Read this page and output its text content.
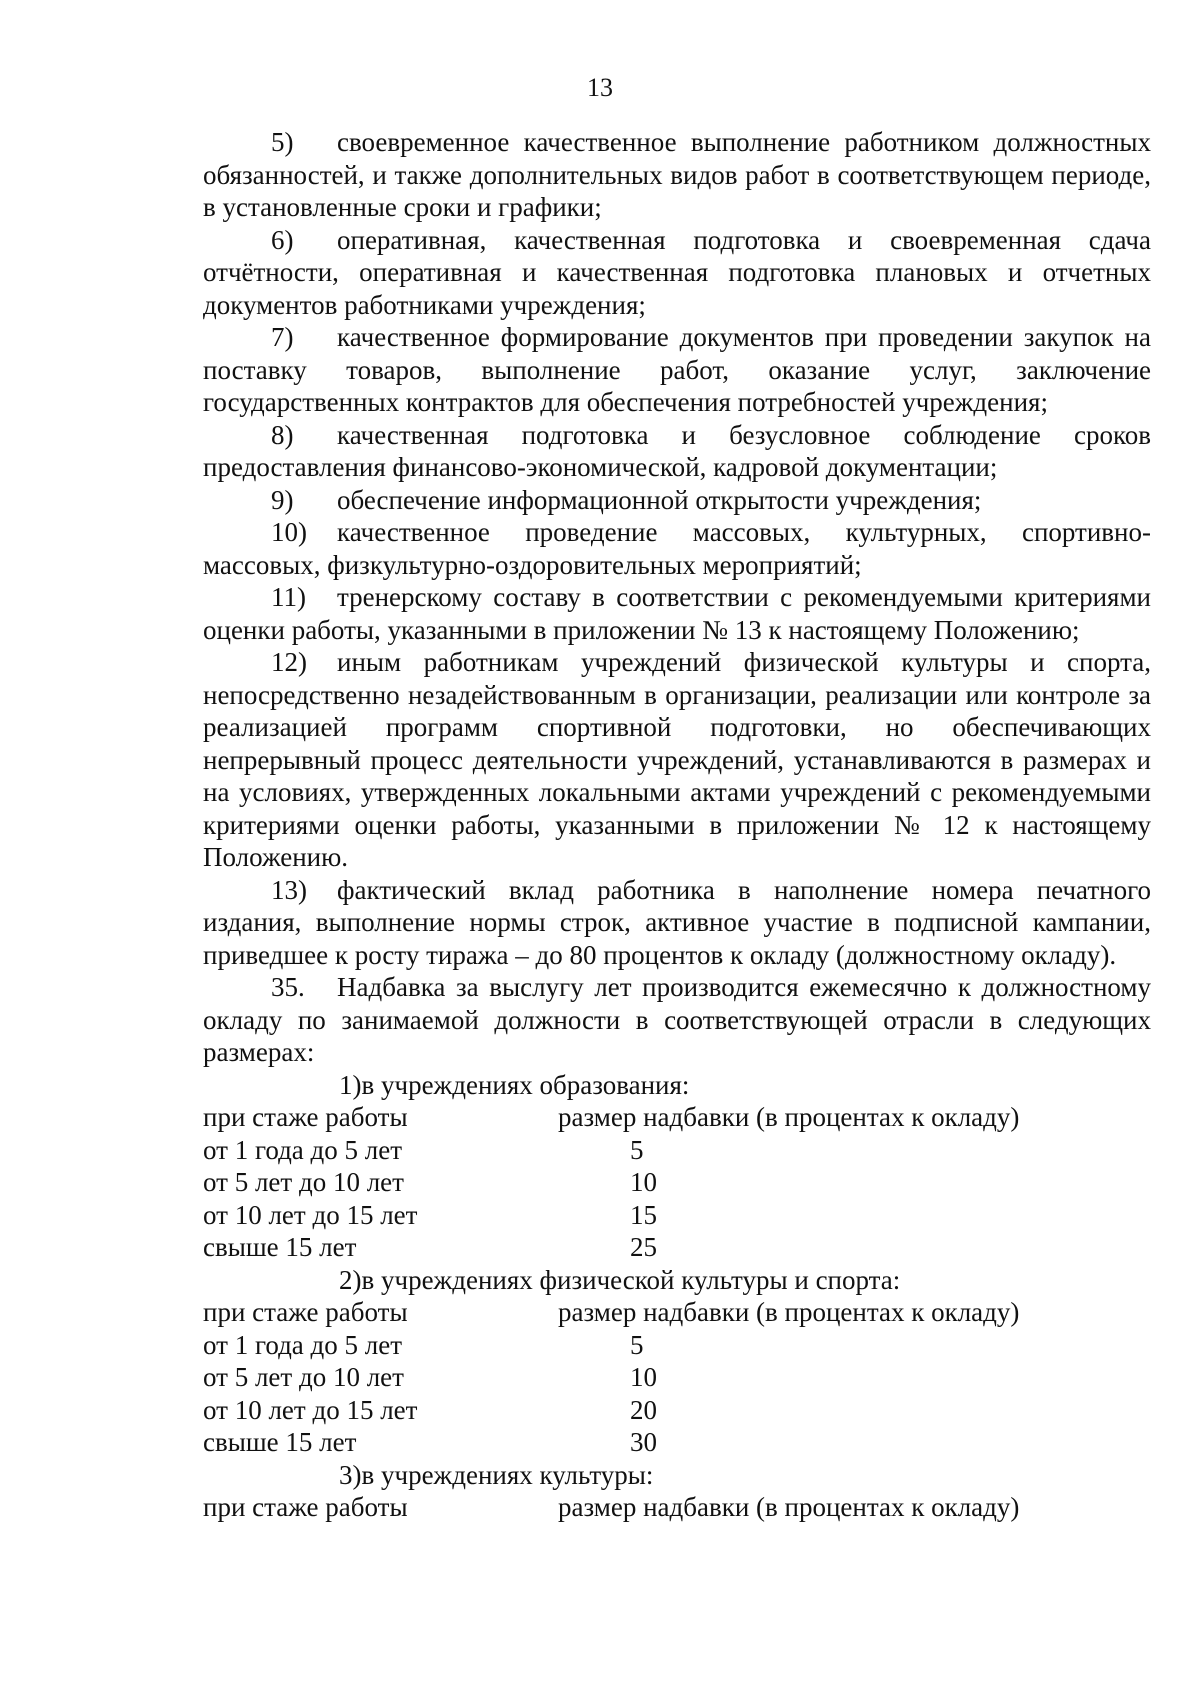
13

5) своевременное качественное выполнение работником должностных обязанностей, и также дополнительных видов работ в соответствующем периоде, в установленные сроки и графики;

6) оперативная, качественная подготовка и своевременная сдача отчётности, оперативная и качественная подготовка плановых и отчетных документов работниками учреждения;

7) качественное формирование документов при проведении закупок на поставку товаров, выполнение работ, оказание услуг, заключение государственных контрактов для обеспечения потребностей учреждения;

8) качественная подготовка и безусловное соблюдение сроков предоставления финансово-экономической, кадровой документации;

9) обеспечение информационной открытости учреждения;

10) качественное проведение массовых, культурных, спортивно-массовых, физкультурно-оздоровительных мероприятий;

11) тренерскому составу в соответствии с рекомендуемыми критериями оценки работы, указанными в приложении № 13 к настоящему Положению;

12) иным работникам учреждений физической культуры и спорта, непосредственно незадействованным в организации, реализации или контроле за реализацией программ спортивной подготовки, но обеспечивающих непрерывный процесс деятельности учреждений, устанавливаются в размерах и на условиях, утвержденных локальными актами учреждений с рекомендуемыми критериями оценки работы, указанными в приложении № 12 к настоящему Положению.

13) фактический вклад работника в наполнение номера печатного издания, выполнение нормы строк, активное участие в подписной кампании, приведшее к росту тиража – до 80 процентов к окладу (должностному окладу).

35. Надбавка за выслугу лет производится ежемесячно к должностному окладу по занимаемой должности в соответствующей отрасли в следующих размерах:

1)в учреждениях образования:

при стаже работы	размер надбавки (в процентах к окладу)
от 1 года до 5 лет	5
от 5 лет до 10 лет	10
от 10 лет до 15 лет	15
свыше 15 лет	25

2)в учреждениях физической культуры и спорта:

при стаже работы	размер надбавки (в процентах к окладу)
от 1 года до 5 лет	5
от 5 лет до 10 лет	10
от 10 лет до 15 лет	20
свыше 15 лет	30

3)в учреждениях культуры:

при стаже работы	размер надбавки (в процентах к окладу)
